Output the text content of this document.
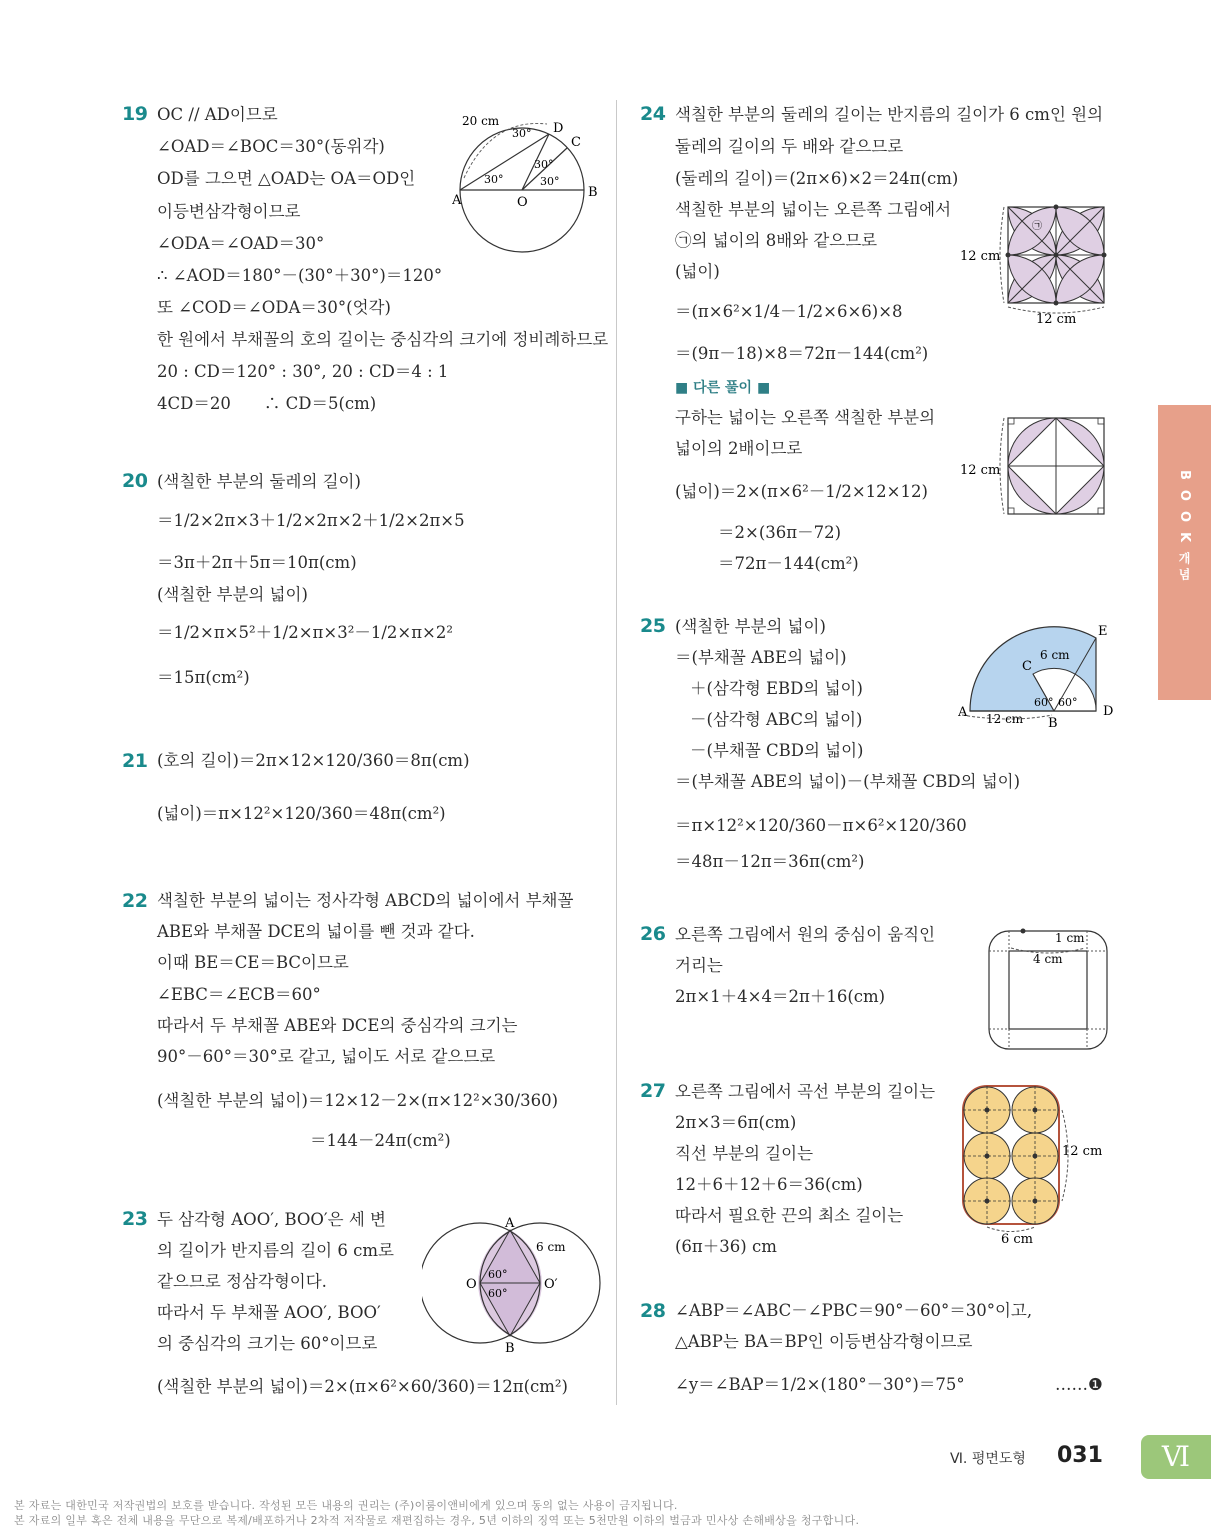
19 OC // AD이므로
∠OAD＝∠BOC＝30°(동위각)
OD를 그으면 △OAD는 OA＝OD인
이등변삼각형이므로
∠ODA＝∠OAD＝30°
∴ ∠AOD＝180°－(30°＋30°)＝120°
또 ∠COD＝∠ODA＝30°(엇각)
한 원에서 부채꼴의 호의 길이는 중심각의 크기에 정비례하므로
20 : CD＝120° : 30°, 20 : CD＝4 : 1
4CD＝20　　∴ CD＝5(cm)
20 cm
30°
30°
30°
30°
A	O
B
C
D
20 (색칠한 부분의 둘레의 길이)
＝1/2×2π×3＋1/2×2π×2＋1/2×2π×5
＝3π＋2π＋5π＝10π(cm)
(색칠한 부분의 넓이)
＝1/2×π×5²＋1/2×π×3²－1/2×π×2²
＝15π(cm²)
21 (호의 길이)＝2π×12×120/360＝8π(cm)
(넓이)＝π×12²×120/360＝48π(cm²)
22 색칠한 부분의 넓이는 정사각형 ABCD의 넓이에서 부채꼴
ABE와 부채꼴 DCE의 넓이를 뺀 것과 같다.
이때 BE＝CE＝BC이므로
∠EBC＝∠ECB＝60°
따라서 두 부채꼴 ABE와 DCE의 중심각의 크기는
90°－60°＝30°로 같고, 넓이도 서로 같으므로
(색칠한 부분의 넓이)＝12×12－2×(π×12²×30/360)
＝144－24π(cm²)
23 두 삼각형 AOO′, BOO′은 세 변
의 길이가 반지름의 길이 6 cm로
같으므로 정삼각형이다.
따라서 두 부채꼴 AOO′, BOO′
의 중심각의 크기는 60°이므로
(색칠한 부분의 넓이)＝2×(π×6²×60/360)＝12π(cm²)
A
B
O	O′
6 cm
60°
60°
24 색칠한 부분의 둘레의 길이는 반지름의 길이가 6 cm인 원의
둘레의 길이의 두 배와 같으므로
(둘레의 길이)＝(2π×6)×2＝24π(cm)
색칠한 부분의 넓이는 오른쪽 그림에서
㉠의 넓이의 8배와 같으므로
(넓이)
＝(π×6²×1/4－1/2×6×6)×8
＝(9π－18)×8＝72π－144(cm²)
■ 다른 풀이 ■
구하는 넓이는 오른쪽 색칠한 부분의
넓이의 2배이므로
(넓이)＝2×(π×6²－1/2×12×12)
＝2×(36π－72)
＝72π－144(cm²)
㉠
12 cm
12 cm
12 cm
25 (색칠한 부분의 넓이)
＝(부채꼴 ABE의 넓이)
＋(삼각형 EBD의 넓이)
－(삼각형 ABC의 넓이)
－(부채꼴 CBD의 넓이)
＝(부채꼴 ABE의 넓이)－(부채꼴 CBD의 넓이)
＝π×12²×120/360－π×6²×120/360
＝48π－12π＝36π(cm²)
A
B
C
D
E
6 cm
12 cm
60° 60°
26 오른쪽 그림에서 원의 중심이 움직인
거리는
2π×1＋4×4＝2π＋16(cm)
1 cm
4 cm
27 오른쪽 그림에서 곡선 부분의 길이는
2π×3＝6π(cm)
직선 부분의 길이는
12＋6＋12＋6＝36(cm)
따라서 필요한 끈의 최소 길이는
(6π＋36) cm
12 cm
6 cm
28 ∠ABP＝∠ABC－∠PBC＝90°－60°＝30°이고,
△ABP는 BA＝BP인 이등변삼각형이므로
∠y＝∠BAP＝1/2×(180°－30°)＝75°	……❶
BOOK
개념
Ⅵ. 평면도형 031	Ⅵ
본 자료는 대한민국 저작권법의 보호를 받습니다. 작성된 모든 내용의 권리는 (주)이룸이앤비에게 있으며 동의 없는 사용이 금지됩니다.
본 자료의 일부 혹은 전체 내용을 무단으로 복제/배포하거나 2차적 저작물로 재편집하는 경우, 5년 이하의 징역 또는 5천만원 이하의 벌금과 민사상 손해배상을 청구합니다.
